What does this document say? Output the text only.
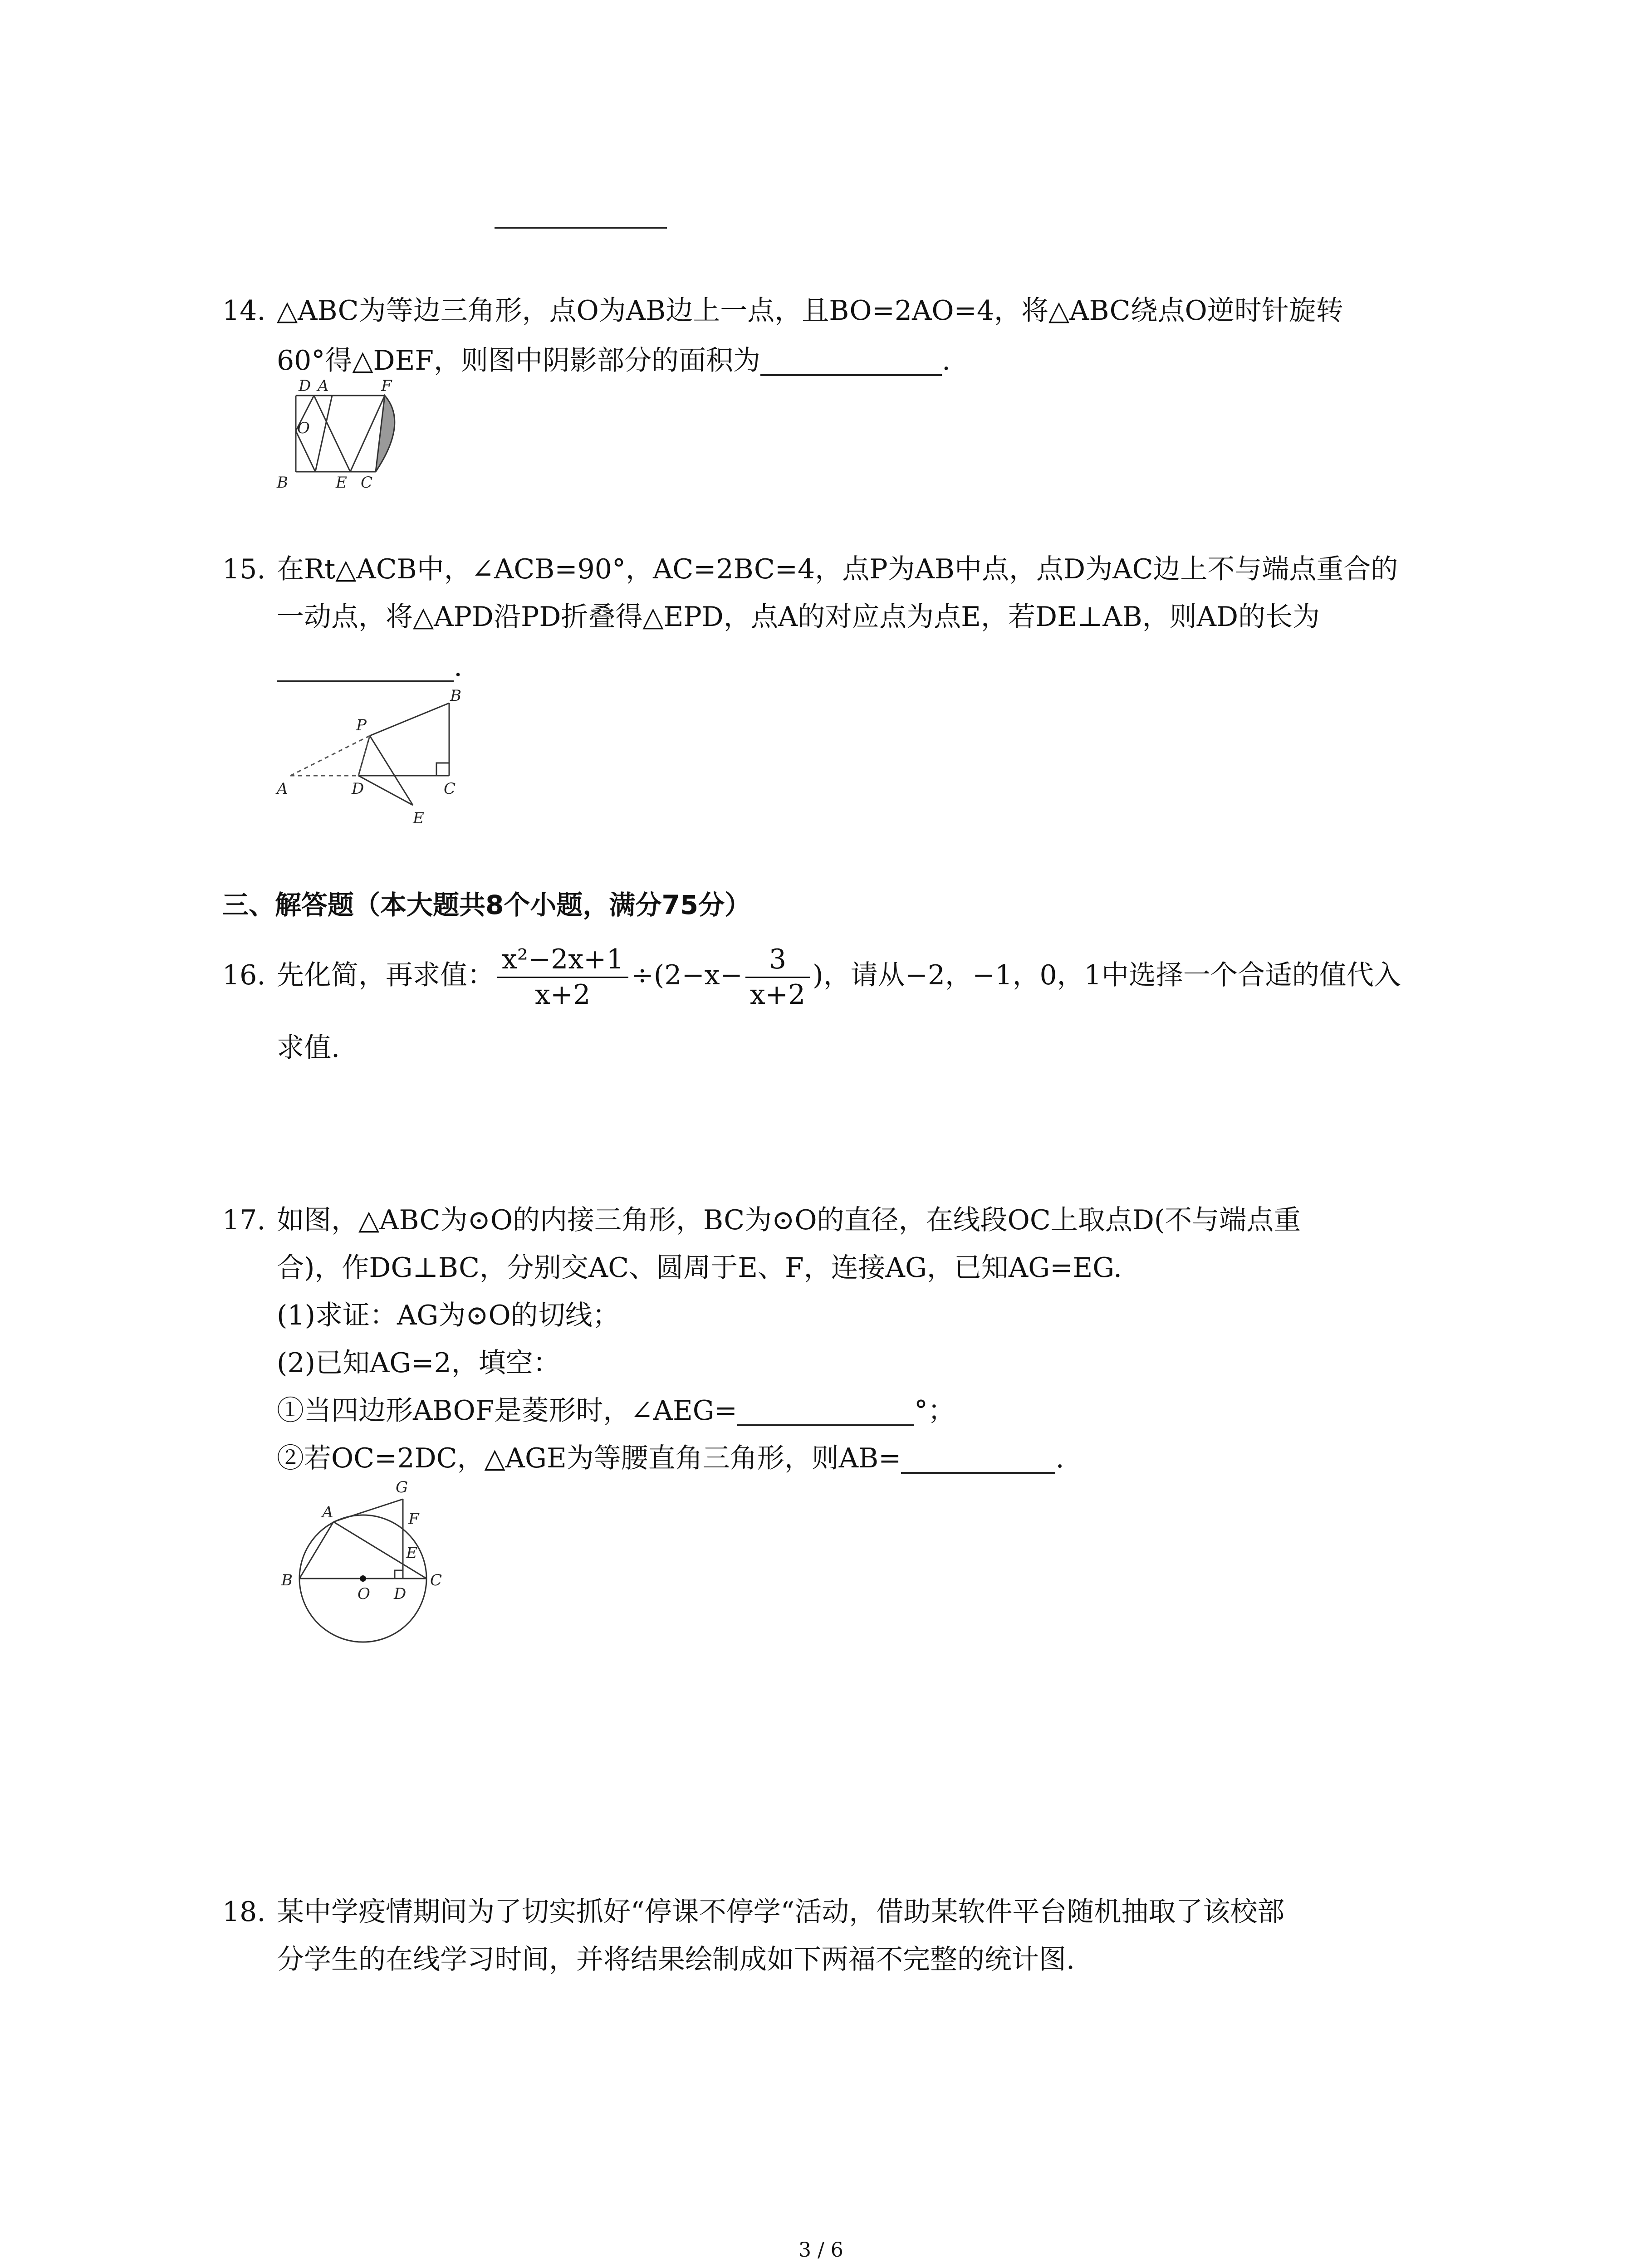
14. △ABC为等边三角形，点O为AB边上一点，且BO=2AO=4，将△ABC绕点O逆时针旋转
60°得△DEF，则图中阴影部分的面积为	.
D A	F
O
B	E C
15. 在Rt△ACB中，∠ACB=90°，AC=2BC=4，点P为AB中点，点D为AC边上不与端点重合的
一动点，将△APD沿PD折叠得△EPD，点A的对应点为点E，若DE⊥AB，则AD的长为
.
B
P
A	D	C
E
三、解答题（本大题共8个小题，满分75分）
16. 先化简，再求值： $\frac{\text{x²−2x+1}}{x+2} \div(2-x- \frac{3}{x+2}$ )，请从−2，−1，0，1中选择一个合适的值代入
求值.
17. 如图，△ABC为⊙O的内接三角形，BC为⊙O的直径，在线段OC上取点D(不与端点重
合)，作DG⊥BC，分别交AC、圆周于E、F，连接AG，已知AG=EG.
(1)求证：AG为⊙O的切线；
(2)已知AG=2，填空：
①当四边形ABOF是菱形时，∠AEG=	°；
②若OC=2DC，△AGE为等腰直角三角形，则AB=	.
G
A	F
E
B
O D
C
18. 某中学疫情期间为了切实抓好“停课不停学“活动，借助某软件平台随机抽取了该校部
分学生的在线学习时间，并将结果绘制成如下两福不完整的统计图.
3 / 6
